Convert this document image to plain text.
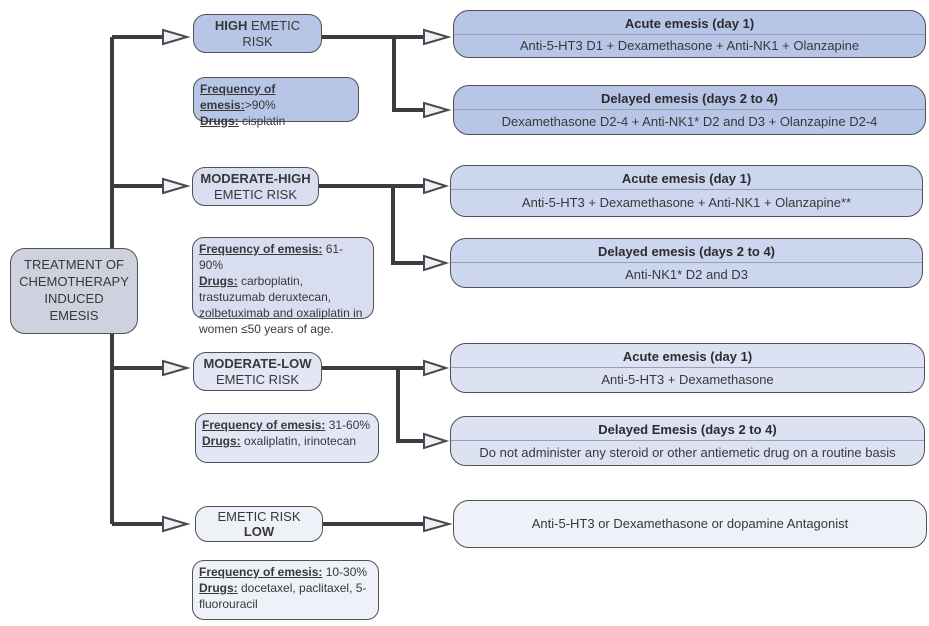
TREATMENT OF
CHEMOTHERAPY
INDUCED
EMESIS
HIGH EMETIC
RISK
Frequency of emesis:>90%
Drugs: cisplatin
Acute emesis (day 1)
Anti-5-HT3 D1 + Dexamethasone + Anti-NK1 + Olanzapine
Delayed emesis (days 2 to 4)
Dexamethasone D2-4 + Anti-NK1* D2 and D3 + Olanzapine D2-4
MODERATE-HIGH
EMETIC RISK
Frequency of emesis: 61-90%
Drugs: carboplatin, trastuzumab deruxtecan, zolbetuximab and oxaliplatin in women ≤50 years of age.
Acute emesis (day 1)
Anti-5-HT3 + Dexamethasone + Anti-NK1 + Olanzapine**
Delayed emesis (days 2 to 4)
Anti-NK1* D2 and D3
MODERATE-LOW
EMETIC RISK
Frequency of emesis: 31-60%
Drugs: oxaliplatin, irinotecan
Acute emesis (day 1)
Anti-5-HT3 + Dexamethasone
Delayed Emesis (days 2 to 4)
Do not administer any steroid or other antiemetic drug on a routine basis
EMETIC RISK
LOW
Frequency of emesis: 10-30%
Drugs: docetaxel, paclitaxel, 5-fluorouracil
Anti-5-HT3 or Dexamethasone or dopamine Antagonist
